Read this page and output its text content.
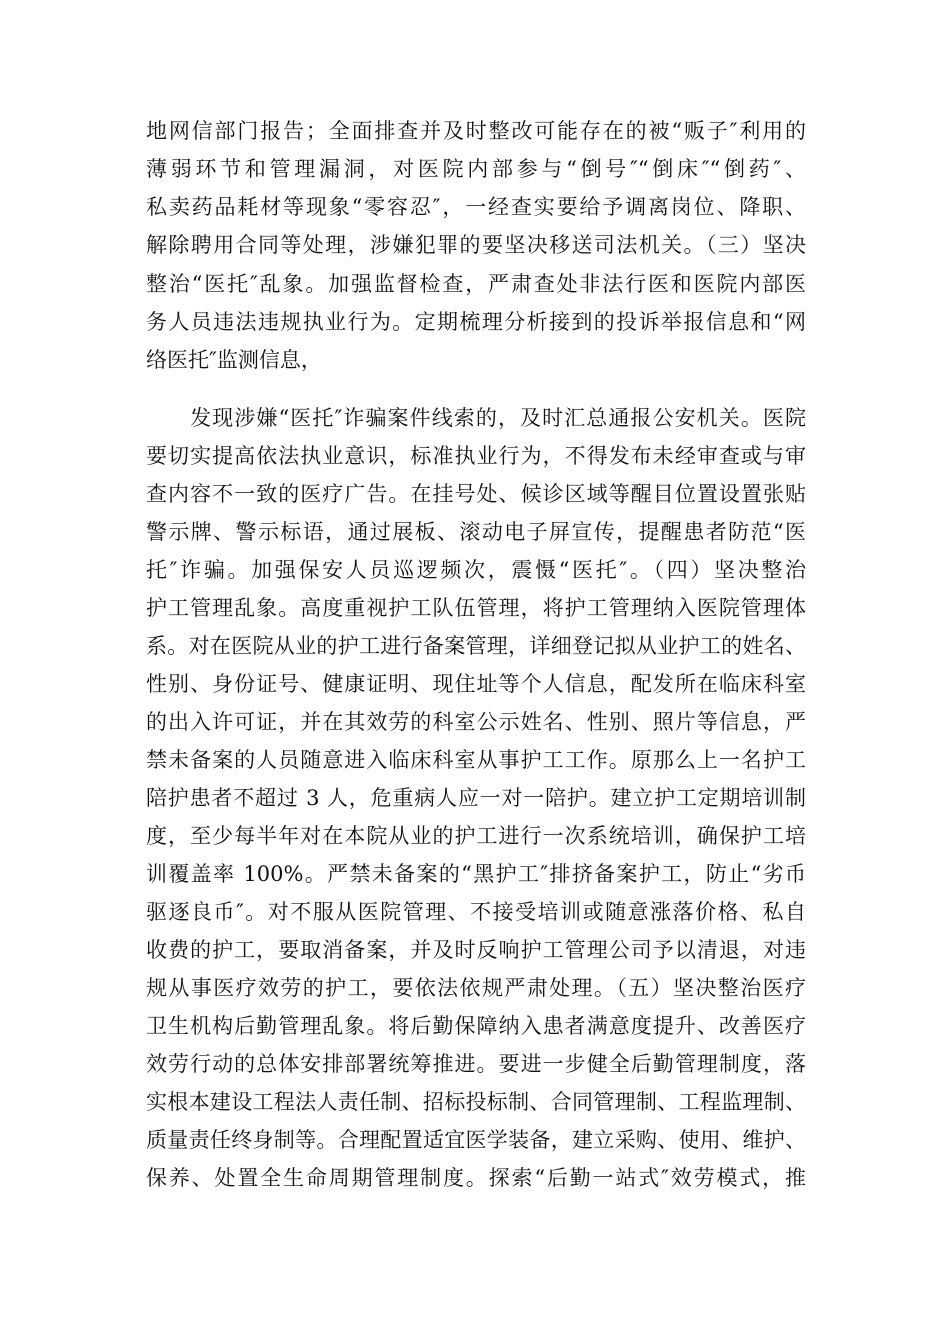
地网信部门报告；全面排查并及时整改可能存在的被“贩子″利用的
薄弱环节和管理漏洞，对医院内部参与“倒号″“倒床″“倒药″、
私卖药品耗材等现象“零容忍″，一经查实要给予调离岗位、降职、
解除聘用合同等处理，涉嫌犯罪的要坚决移送司法机关。（三）坚决
整治“医托″乱象。加强监督检查，严肃查处非法行医和医院内部医
务人员违法违规执业行为。定期梳理分析接到的投诉举报信息和“网
络医托″监测信息，
　　发现涉嫌“医托″诈骗案件线索的，及时汇总通报公安机关。医院
要切实提高依法执业意识，标准执业行为，不得发布未经审查或与审
查内容不一致的医疗广告。在挂号处、候诊区域等醒目位置设置张贴
警示牌、警示标语，通过展板、滚动电子屏宣传，提醒患者防范“医
托″诈骗。加强保安人员巡逻频次，震慑“医托″。（四）坚决整治
护工管理乱象。高度重视护工队伍管理，将护工管理纳入医院管理体
系。对在医院从业的护工进行备案管理，详细登记拟从业护工的姓名、
性别、身份证号、健康证明、现住址等个人信息，配发所在临床科室
的出入许可证，并在其效劳的科室公示姓名、性别、照片等信息，严
禁未备案的人员随意进入临床科室从事护工工作。原那么上一名护工
陪护患者不超过 3 人，危重病人应一对一陪护。建立护工定期培训制
度，至少每半年对在本院从业的护工进行一次系统培训，确保护工培
训覆盖率 100%。严禁未备案的“黑护工″排挤备案护工，防止“劣币
驱逐良币″。对不服从医院管理、不接受培训或随意涨落价格、私自
收费的护工，要取消备案，并及时反响护工管理公司予以清退，对违
规从事医疗效劳的护工，要依法依规严肃处理。（五）坚决整治医疗
卫生机构后勤管理乱象。将后勤保障纳入患者满意度提升、改善医疗
效劳行动的总体安排部署统筹推进。要进一步健全后勤管理制度，落
实根本建设工程法人责任制、招标投标制、合同管理制、工程监理制、
质量责任终身制等。合理配置适宜医学装备，建立采购、使用、维护、
保养、处置全生命周期管理制度。探索“后勤一站式″效劳模式，推
